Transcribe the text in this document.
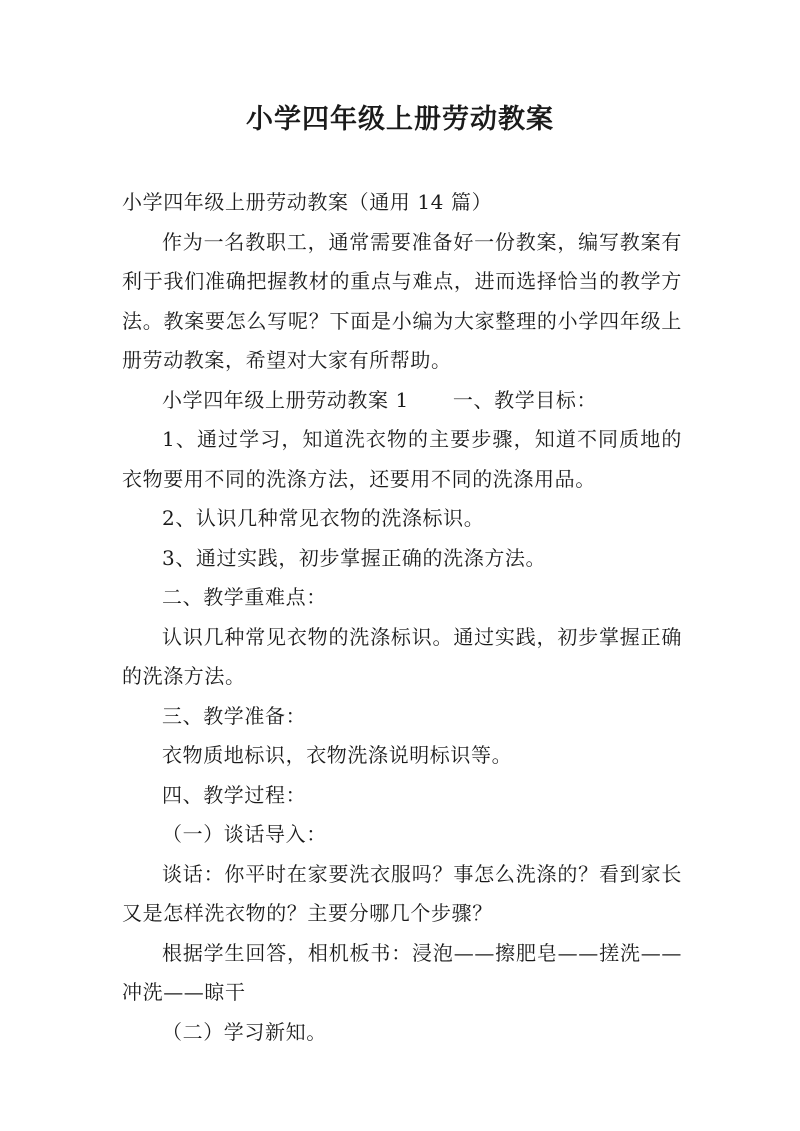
小学四年级上册劳动教案

小学四年级上册劳动教案（通用 14 篇）

作为一名教职工，通常需要准备好一份教案，编写教案有利于我们准确把握教材的重点与难点，进而选择恰当的教学方法。教案要怎么写呢？下面是小编为大家整理的小学四年级上册劳动教案，希望对大家有所帮助。

小学四年级上册劳动教案 1 一、教学目标：

1、通过学习，知道洗衣物的主要步骤，知道不同质地的衣物要用不同的洗涤方法，还要用不同的洗涤用品。

2、认识几种常见衣物的洗涤标识。

3、通过实践，初步掌握正确的洗涤方法。

二、教学重难点：

认识几种常见衣物的洗涤标识。通过实践，初步掌握正确的洗涤方法。

三、教学准备：

衣物质地标识，衣物洗涤说明标识等。

四、教学过程：

（一）谈话导入：

谈话：你平时在家要洗衣服吗？事怎么洗涤的？看到家长又是怎样洗衣物的？主要分哪几个步骤？

根据学生回答，相机板书：浸泡——擦肥皂——搓洗——冲洗——晾干

（二）学习新知。
